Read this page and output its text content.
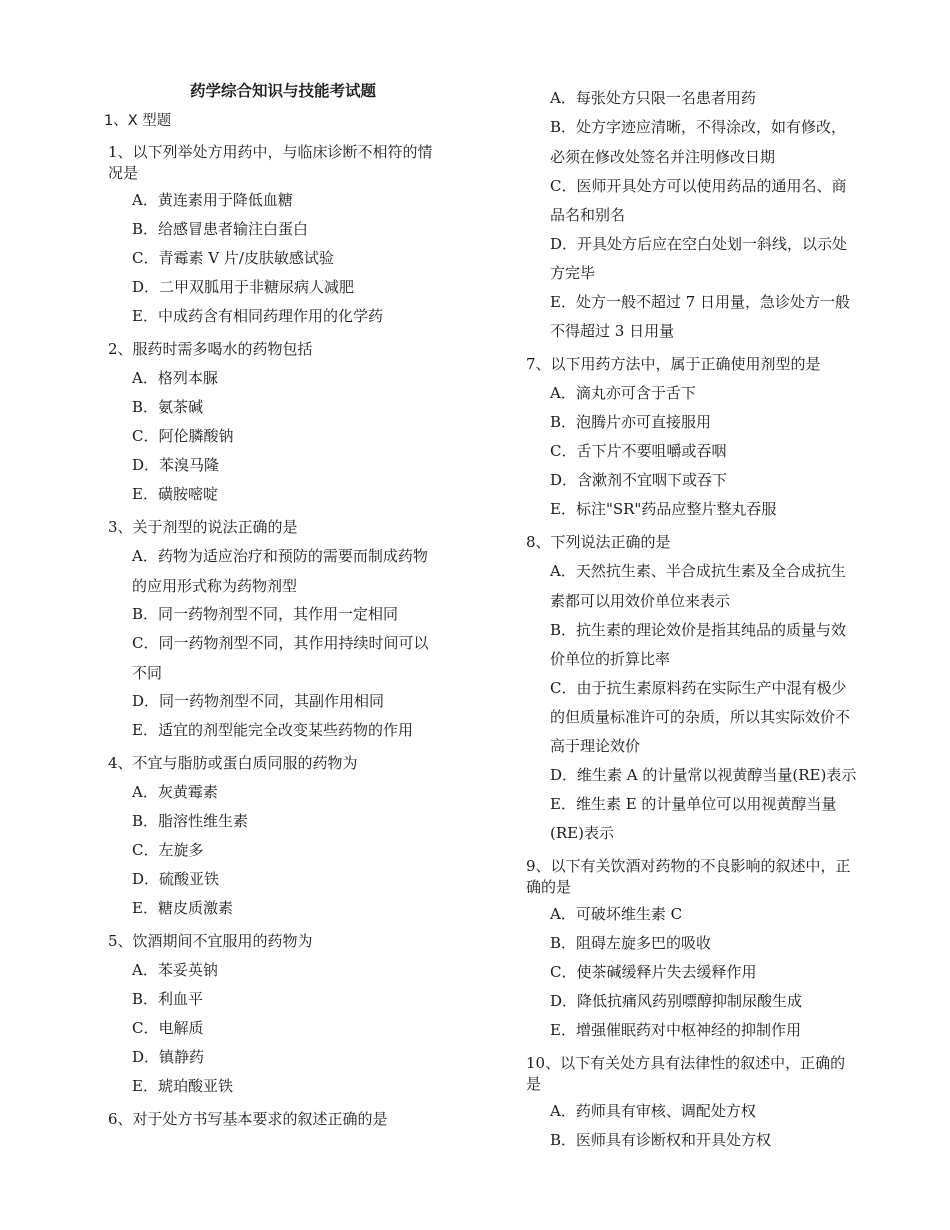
药学综合知识与技能考试题
1、X 型题
1、以下列举处方用药中，与临床诊断不相符的情
况是
A．黄连素用于降低血糖
B．给感冒患者输注白蛋白
C．青霉素 V 片/皮肤敏感试验
D．二甲双胍用于非糖尿病人减肥
E．中成药含有相同药理作用的化学药
2、服药时需多喝水的药物包括
A．格列本脲
B．氨茶碱
C．阿伦膦酸钠
D．苯溴马隆
E．磺胺嘧啶
3、关于剂型的说法正确的是
A．药物为适应治疗和预防的需要而制成药物
的应用形式称为药物剂型
B．同一药物剂型不同，其作用一定相同
C．同一药物剂型不同，其作用持续时间可以
不同
D．同一药物剂型不同，其副作用相同
E．适宜的剂型能完全改变某些药物的作用
4、不宜与脂肪或蛋白质同服的药物为
A．灰黄霉素
B．脂溶性维生素
C．左旋多
D．硫酸亚铁
E．糖皮质激素
5、饮酒期间不宜服用的药物为
A．苯妥英钠
B．利血平
C．电解质
D．镇静药
E．琥珀酸亚铁
6、对于处方书写基本要求的叙述正确的是
A．每张处方只限一名患者用药
B．处方字迹应清晰，不得涂改，如有修改，
必须在修改处签名并注明修改日期
C．医师开具处方可以使用药品的通用名、商
品名和别名
D．开具处方后应在空白处划一斜线，以示处
方完毕
E．处方一般不超过 7 日用量，急诊处方一般
不得超过 3 日用量
7、以下用药方法中，属于正确使用剂型的是
A．滴丸亦可含于舌下
B．泡腾片亦可直接服用
C．舌下片不要咀嚼或吞咽
D．含漱剂不宜咽下或吞下
E．标注"SR"药品应整片整丸吞服
8、下列说法正确的是
A．天然抗生素、半合成抗生素及全合成抗生
素都可以用效价单位来表示
B．抗生素的理论效价是指其纯品的质量与效
价单位的折算比率
C．由于抗生素原料药在实际生产中混有极少
的但质量标准许可的杂质，所以其实际效价不
高于理论效价
D．维生素 A 的计量常以视黄醇当量(RE)表示
E．维生素 E 的计量单位可以用视黄醇当量
(RE)表示
9、以下有关饮酒对药物的不良影响的叙述中，正
确的是
A．可破坏维生素 C
B．阻碍左旋多巴的吸收
C．使茶碱缓释片失去缓释作用
D．降低抗痛风药别嘌醇抑制尿酸生成
E．增强催眠药对中枢神经的抑制作用
10、以下有关处方具有法律性的叙述中，正确的
是
A．药师具有审核、调配处方权
B．医师具有诊断权和开具处方权
